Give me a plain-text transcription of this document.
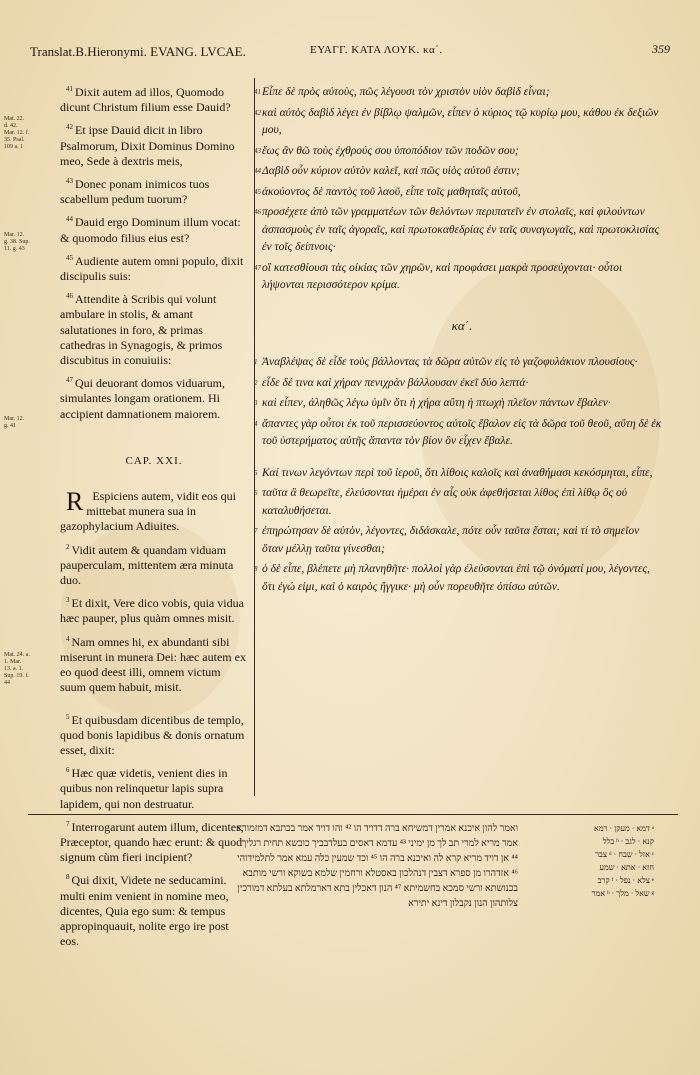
Translat.B.Hieronymi. EVANG. LVCAE.	ΕΥΑΓΓ. ΚΑΤΑ ΛΟΥΚ. κα΄.	359
Mat. 22. d. 42. Mar. 12. f. 35. Psal. 109 a. 1
Mar. 12. g. 38. Sup. 11. g. 43
Mar. 12. g. 41
Mat. 24. a. 1. Mar. 13. a. 1. Sup. 19. f. 44

$^{41}$ Dixit autem ad illos, Quomodo dicunt Christum filium esse Dauid?

$^{42}$ Et ipse Dauid dicit in libro Psalmorum, Dixit Dominus Domino meo, Sede à dextris meis,

$^{43}$ Donec ponam inimicos tuos scabellum pedum tuorum?

$^{44}$ Dauid ergo Dominum illum vocat: & quomodo filius eius est?

$^{45}$ Audiente autem omni populo, dixit discipulis suis:

$^{46}$ Attendite à Scribis qui volunt ambulare in stolis, & amant salutationes in foro, & primas cathedras in Synagogis, & primos discubitus in conuiuiis:

$^{47}$ Qui deuorant domos viduarum, simulantes longam orationem. Hi accipient damnationem maiorem.

CAP. XXI.

R Espiciens autem, vidit eos qui mittebat munera sua in gazophylacium Adiuites.

$^2$ Vidit autem & quandam viduam pauperculam, mittentem æra minuta duo.

$^3$ Et dixit, Vere dico vobis, quia vidua hæc pauper, plus quàm omnes misit.

$^4$ Nam omnes hi, ex abundanti sibi miserunt in munera Dei: hæc autem ex eo quod deest illi, omnem victum suum quem habuit, misit.

$^5$ Et quibusdam dicentibus de templo, quod bonis lapidibus & donis ornatum esset, dixit:

$^6$ Hæc quæ videtis, venient dies in quibus non relinquetur lapis supra lapidem, qui non destruatur.

$^7$ Interrogarunt autem illum, dicentes, Præceptor, quando hæc erunt: & quod signum cùm fieri incipient?

$^8$ Qui dixit, Videte ne seducamini. multi enim venient in nomine meo, dicentes, Quia ego sum: & tempus appropinquauit, nolite ergo ire post eos.

41 Εἶπε δὲ πρὸς αὐτοὺς, πῶς λέγουσι τὸν χριστὸν υἱὸν δαβὶδ εἶναι;

42 καὶ αὐτὸς δαβὶδ λέγει ἐν βίβλῳ ψαλμῶν, εἶπεν ὁ κύριος τῷ κυρίῳ μου, κάθου ἐκ δεξιῶν μου,

43 ἕως ἂν θῶ τοὺς ἐχθρούς σου ὑποπόδιον τῶν ποδῶν σου;

44 Δαβὶδ οὖν κύριον αὐτὸν καλεῖ, καὶ πῶς υἱὸς αὐτοῦ ἐστιν;

45 ἀκούοντος δὲ παντὸς τοῦ λαοῦ, εἶπε τοῖς μαθηταῖς αὐτοῦ,

46 προσέχετε ἀπὸ τῶν γραμματέων τῶν θελόντων περιπατεῖν ἐν στολαῖς, καὶ φιλούντων ἀσπασμοὺς ἐν ταῖς ἀγοραῖς, καὶ πρωτοκαθεδρίας ἐν ταῖς συναγωγαῖς, καὶ πρωτοκλισίας ἐν τοῖς δείπνοις·

47 οἳ κατεσθίουσι τὰς οἰκίας τῶν χηρῶν, καὶ προφάσει μακρὰ προσεύχονται· οὗτοι λήψονται περισσότερον κρίμα.

κα΄.

1 Ἀναβλέψας δὲ εἶδε τοὺς βάλλοντας τὰ δῶρα αὐτῶν εἰς τὸ γαζοφυλάκιον πλουσίους·

2 εἶδε δέ τινα καὶ χήραν πενιχρὰν βάλλουσαν ἐκεῖ δύο λεπτά·

3 καὶ εἶπεν, ἀληθῶς λέγω ὑμῖν ὅτι ἡ χήρα αὕτη ἡ πτωχὴ πλεῖον πάντων ἔβαλεν·

4 ἅπαντες γὰρ οὗτοι ἐκ τοῦ περισσεύοντος αὐτοῖς ἔβαλον εἰς τὰ δῶρα τοῦ θεοῦ, αὕτη δὲ ἐκ τοῦ ὑστερήματος αὐτῆς ἅπαντα τὸν βίον ὃν εἶχεν ἔβαλε.

5 Καί τινων λεγόντων περὶ τοῦ ἱεροῦ, ὅτι λίθοις καλοῖς καὶ ἀναθήμασι κεκόσμηται, εἶπε,

6 ταῦτα ἃ θεωρεῖτε, ἐλεύσονται ἡμέραι ἐν αἷς οὐκ ἀφεθήσεται λίθος ἐπὶ λίθῳ ὃς οὐ καταλυθήσεται.

7 ἐπηρώτησαν δὲ αὐτὸν, λέγοντες, διδάσκαλε, πότε οὖν ταῦτα ἔσται; καὶ τί τὸ σημεῖον ὅταν μέλλῃ ταῦτα γίνεσθαι;

8 ὁ δὲ εἶπε, βλέπετε μὴ πλανηθῆτε· πολλοὶ γὰρ ἐλεύσονται ἐπὶ τῷ ὀνόματί μου, λέγοντες, ὅτι ἐγώ εἰμι, καὶ ὁ καιρὸς ἤγγικε· μὴ οὖν πορευθῆτε ὀπίσω αὐτῶν.

ואמר להון איכנא אמרין דמשיחא ברה דדויד הו ⁴² והו דויד אמר בכתבא דמזמורא

אמר מריא למרי תב לך מן ימיני ⁴³ עדמא דאסים בעלדבביך כובשא תחית רגליך

⁴⁴ אן דויד מריא קרא לה ואיכנא ברה הו ⁴⁵ וכד שמעין כלה עמא אמר לתלמידוהי

⁴⁶ אזדהרו מן ספרא דצבין דנהלכון באסטלא ורחמין שלמא בשוקא ורשי מותבא

בכנושתא ורשי סמכא בחשמיתא ⁴⁷ הנון דאכלין בתא דארמלתא בעלתא דמורכין

צלותהון הנון נקבלון דינא יתירא

ᵃ דמא · מעקן · רמא

קנא · לגב · ᵇ בלל

ᶜ אזל · שבח · ᵈ צבר

חזא · אתא · שמע

ᵉ צלא · נפל · ᶠ קרב

ᵍ שאל · מלך · ʰ אמר
